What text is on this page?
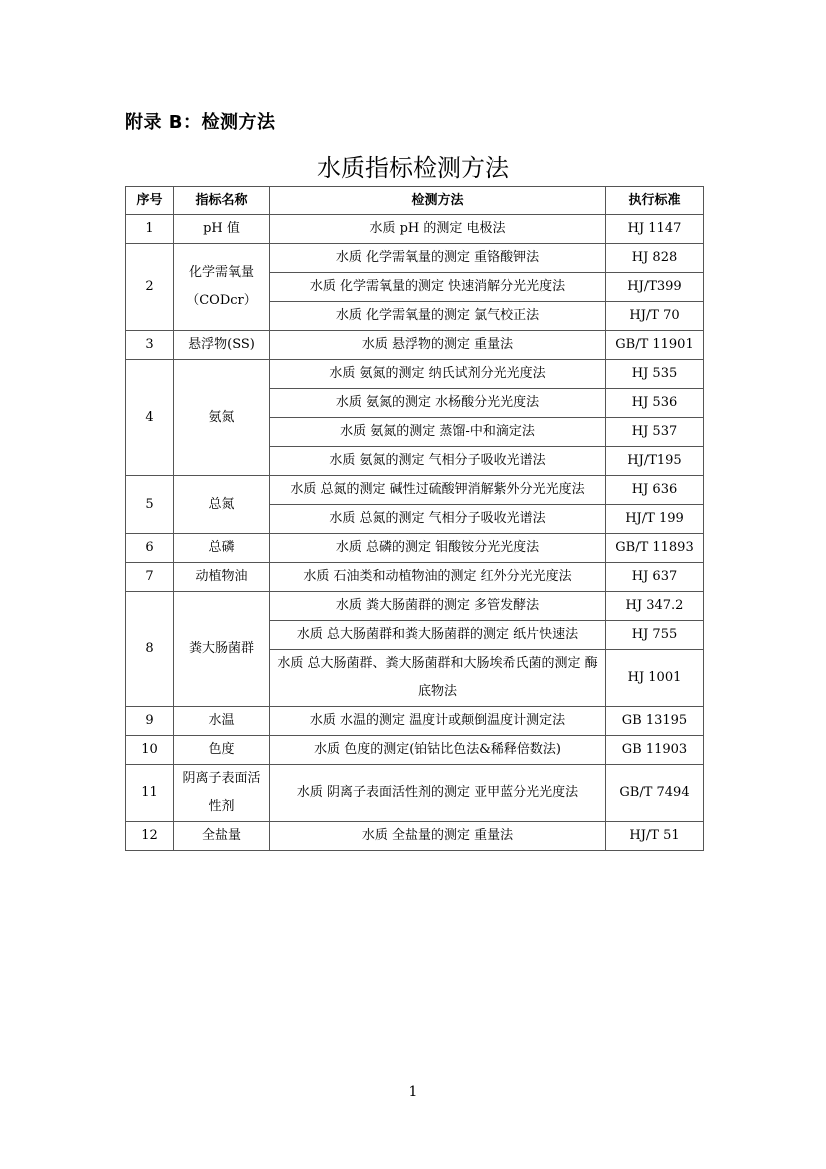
附录 B：检测方法
水质指标检测方法
序号	指标名称	检测方法	执行标准
1	pH 值	水质 pH 的测定 电极法	HJ 1147
2	化学需氧量（CODcr）	水质 化学需氧量的测定 重铬酸钾法	HJ 828
		水质 化学需氧量的测定 快速消解分光光度法	HJ/T399
		水质 化学需氧量的测定 氯气校正法	HJ/T 70
3	悬浮物(SS)	水质 悬浮物的测定 重量法	GB/T 11901
4	氨氮	水质 氨氮的测定 纳氏试剂分光光度法	HJ 535
		水质 氨氮的测定 水杨酸分光光度法	HJ 536
		水质 氨氮的测定 蒸馏-中和滴定法	HJ 537
		水质 氨氮的测定 气相分子吸收光谱法	HJ/T195
5	总氮	水质 总氮的测定 碱性过硫酸钾消解紫外分光光度法	HJ 636
		水质 总氮的测定 气相分子吸收光谱法	HJ/T 199
6	总磷	水质 总磷的测定 钼酸铵分光光度法	GB/T 11893
7	动植物油	水质 石油类和动植物油的测定 红外分光光度法	HJ 637
8	粪大肠菌群	水质 粪大肠菌群的测定 多管发酵法	HJ 347.2
		水质 总大肠菌群和粪大肠菌群的测定 纸片快速法	HJ 755
		水质 总大肠菌群、粪大肠菌群和大肠埃希氏菌的测定 酶底物法	HJ 1001
9	水温	水质 水温的测定 温度计或颠倒温度计测定法	GB 13195
10	色度	水质 色度的测定(铂钴比色法&稀释倍数法)	GB 11903
11	阴离子表面活性剂	水质 阴离子表面活性剂的测定 亚甲蓝分光光度法	GB/T 7494
12	全盐量	水质 全盐量的测定 重量法	HJ/T 51
1
